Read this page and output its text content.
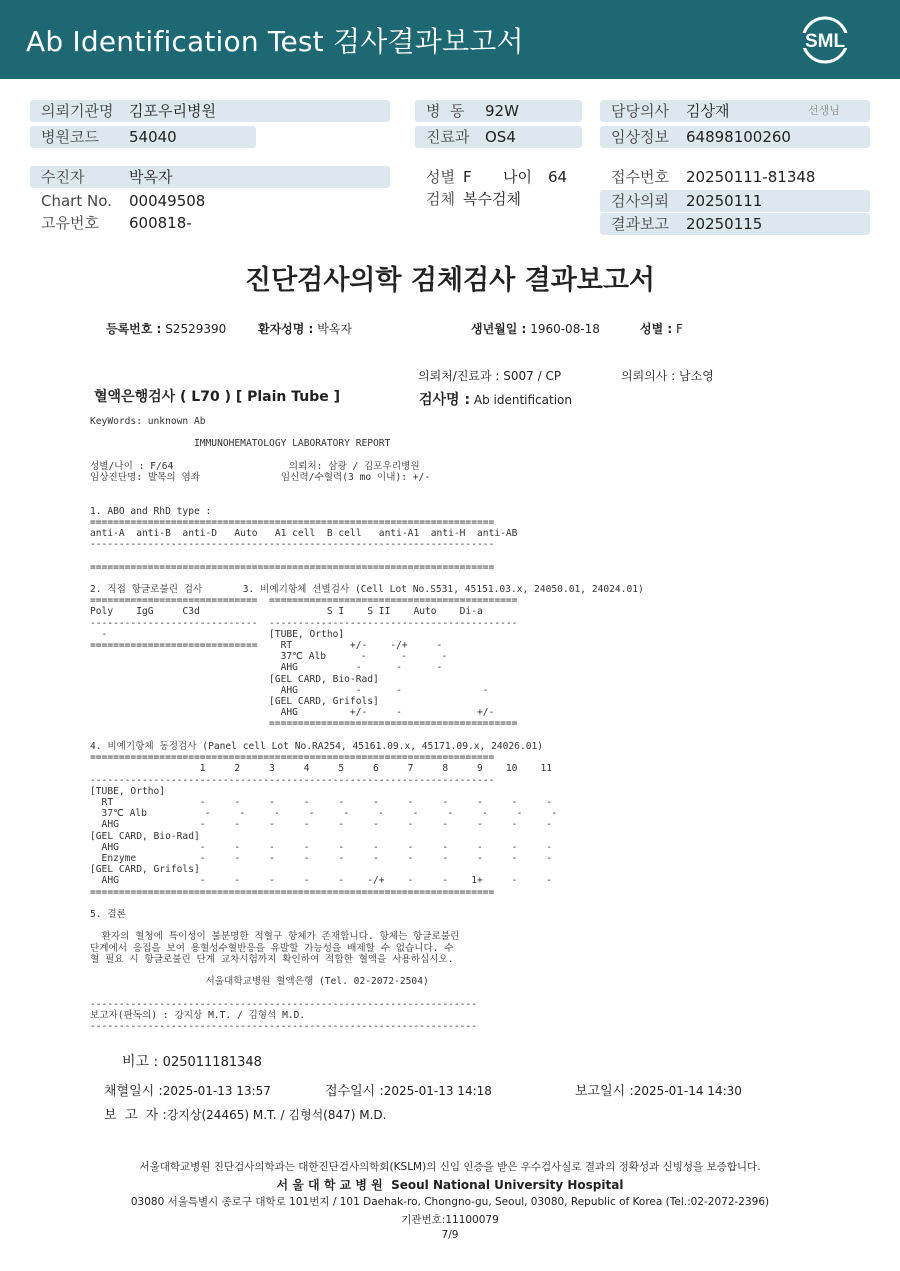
Ab Identification Test 검사결과보고서	SML
의뢰기관명 김포우리병원
병원코드 54040
병  동 92W
진료과 OS4
담당의사 김상재	선생님
임상정보 64898100260
수진자	박옥자
Chart No. 00049508
고유번호 600818-
성별 F 나이 64
검체 복수검체
접수번호 20250111-81348
검사의뢰 20250111
결과보고 20250115
진단검사의학 검체검사 결과보고서
등록번호 : S2529390	환자성명 : 박옥자	생년월일 : 1960-08-18	성별 : F
의뢰처/진료과 : S007 / CP	의뢰의사 : 남소영
혈액은행검사 ( L70 ) [ Plain Tube ]	검사명 : Ab identification
KeyWords: unknown Ab

IMMUNOHEMATOLOGY LABORATORY REPORT

성별/나이 : F/64                    의뢰처: 삼광 / 김포우리병원
임상진단명: 발목의 염좌              임신력/수혈력(3 mo 이내): +/-

1. ABO and RhD type :
======================================================================
anti-A  anti-B  anti-D   Auto   A1 cell  B cell   anti-A1  anti-H  anti-AB
----------------------------------------------------------------------

======================================================================

2. 직접 항글로불린 검사       3. 비예기항체 선별검사 (Cell Lot No.S531, 45151.03.x, 24050.01, 24024.01)
=============================  ===========================================
Poly    IgG     C3d                      S I    S II    Auto    Di-a
-----------------------------  -------------------------------------------
-                            [TUBE, Ortho]
=============================    RT          +/-    -/+     -
37℃ Alb      -      -      -
AHG          -      -      -
[GEL CARD, Bio-Rad]
AHG          -      -              -
[GEL CARD, Grifols]
AHG         +/-     -             +/-
===========================================

4. 비예기항체 동정검사 (Panel cell Lot No.RA254, 45161.09.x, 45171.09.x, 24026.01)
======================================================================
1     2     3     4     5     6     7     8     9    10    11
----------------------------------------------------------------------
[TUBE, Ortho]
RT               -     -     -     -     -     -     -     -     -     -     -
37℃ Alb          -     -     -     -     -     -     -     -     -     -     -
AHG              -     -     -     -     -     -     -     -     -     -     -
[GEL CARD, Bio-Rad]
AHG              -     -     -     -     -     -     -     -     -     -     -
Enzyme           -     -     -     -     -     -     -     -     -     -     -
[GEL CARD, Grifols]
AHG              -     -     -     -     -    -/+    -     -    1+     -     -
======================================================================

5. 결론

환자의 혈청에 특이성이 불분명한 적혈구 항체가 존재합니다. 항체는 항글로불린
단계에서 응집을 보여 용혈성수혈반응을 유발할 가능성을 배제할 수 없습니다. 수
혈 필요 시 항글로불린 단계 교차시험까지 확인하여 적합한 혈액을 사용하십시오.

서울대학교병원 혈액은행 (Tel. 02-2072-2504)

-------------------------------------------------------------------
보고자(판독의) : 강지상 M.T. / 김형석 M.D.
-------------------------------------------------------------------
비고 : 025011181348
채혈일시 :2025-01-13 13:57	접수일시 :2025-01-13 14:18	보고일시 :2025-01-14 14:30
보  고  자 :강지상(24465) M.T. / 김형석(847) M.D.
서울대학교병원 진단검사의학과는 대한진단검사의학회(KSLM)의 신임 인증을 받은 우수검사실로 결과의 정확성과 신빙성을 보증합니다.
서 울 대 학 교 병 원  Seoul National University Hospital
03080 서울특별시 종로구 대학로 101번지 / 101 Daehak-ro, Chongno-gu, Seoul, 03080, Republic of Korea (Tel.:02-2072-2396)
기관번호:11100079
7/9
